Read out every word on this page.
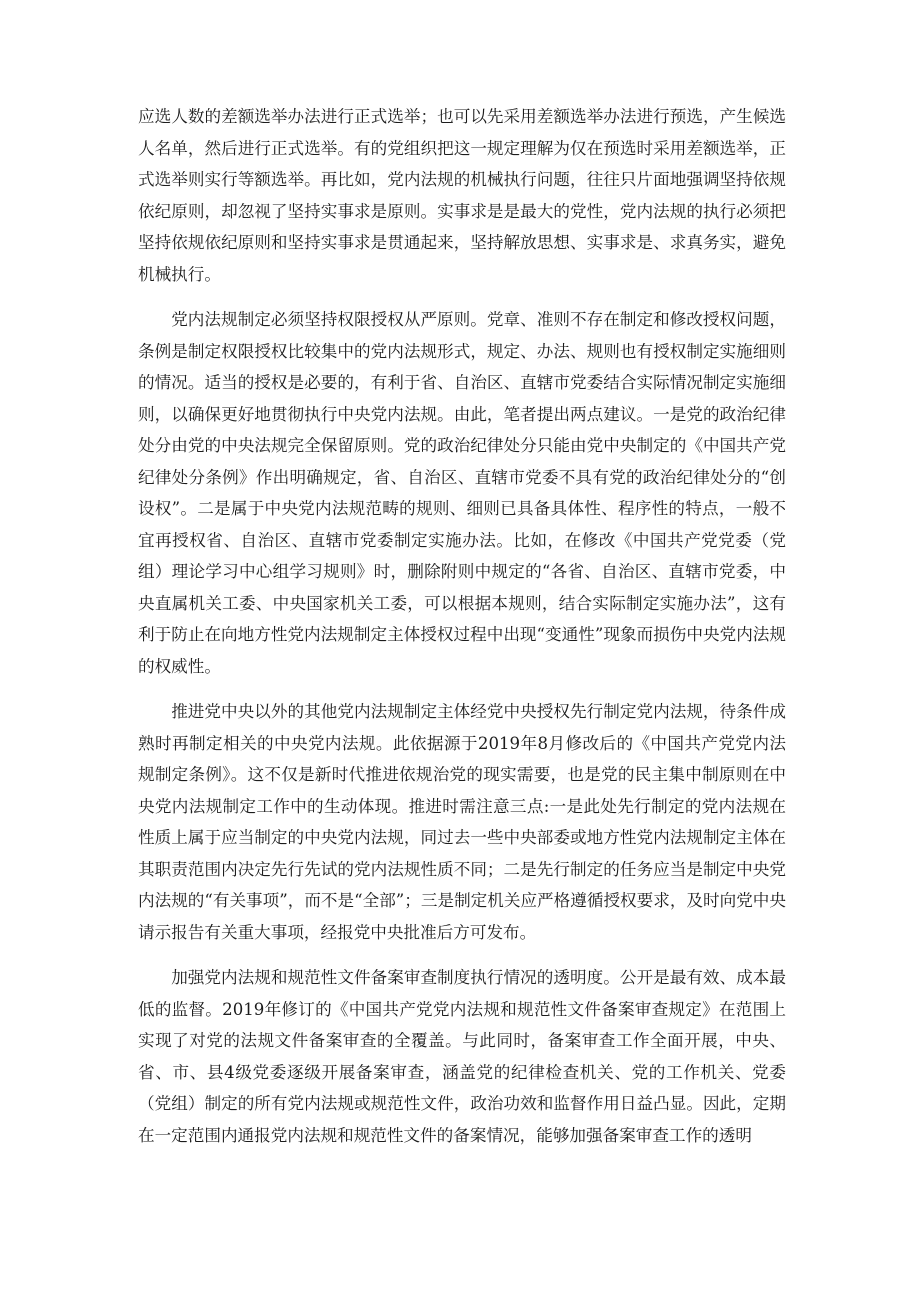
应选人数的差额选举办法进行正式选举；也可以先采用差额选举办法进行预选，产生候选人名单，然后进行正式选举。有的党组织把这一规定理解为仅在预选时采用差额选举，正式选举则实行等额选举。再比如，党内法规的机械执行问题，往往只片面地强调坚持依规依纪原则，却忽视了坚持实事求是原则。实事求是是最大的党性，党内法规的执行必须把坚持依规依纪原则和坚持实事求是贯通起来，坚持解放思想、实事求是、求真务实，避免机械执行。

党内法规制定必须坚持权限授权从严原则。党章、准则不存在制定和修改授权问题，条例是制定权限授权比较集中的党内法规形式，规定、办法、规则也有授权制定实施细则的情况。适当的授权是必要的，有利于省、自治区、直辖市党委结合实际情况制定实施细则，以确保更好地贯彻执行中央党内法规。由此，笔者提出两点建议。一是党的政治纪律处分由党的中央法规完全保留原则。党的政治纪律处分只能由党中央制定的《中国共产党纪律处分条例》作出明确规定，省、自治区、直辖市党委不具有党的政治纪律处分的“创设权”。二是属于中央党内法规范畴的规则、细则已具备具体性、程序性的特点，一般不宜再授权省、自治区、直辖市党委制定实施办法。比如，在修改《中国共产党党委（党组）理论学习中心组学习规则》时，删除附则中规定的“各省、自治区、直辖市党委，中央直属机关工委、中央国家机关工委，可以根据本规则，结合实际制定实施办法”，这有利于防止在向地方性党内法规制定主体授权过程中出现“变通性”现象而损伤中央党内法规的权威性。

推进党中央以外的其他党内法规制定主体经党中央授权先行制定党内法规，待条件成熟时再制定相关的中央党内法规。此依据源于2019年8月修改后的《中国共产党党内法规制定条例》。这不仅是新时代推进依规治党的现实需要，也是党的民主集中制原则在中央党内法规制定工作中的生动体现。推进时需注意三点:一是此处先行制定的党内法规在性质上属于应当制定的中央党内法规，同过去一些中央部委或地方性党内法规制定主体在其职责范围内决定先行先试的党内法规性质不同；二是先行制定的任务应当是制定中央党内法规的“有关事项”，而不是“全部”；三是制定机关应严格遵循授权要求，及时向党中央请示报告有关重大事项，经报党中央批准后方可发布。

加强党内法规和规范性文件备案审查制度执行情况的透明度。公开是最有效、成本最低的监督。2019年修订的《中国共产党党内法规和规范性文件备案审查规定》在范围上实现了对党的法规文件备案审查的全覆盖。与此同时，备案审查工作全面开展，中央、省、市、县4级党委逐级开展备案审查，涵盖党的纪律检查机关、党的工作机关、党委（党组）制定的所有党内法规或规范性文件，政治功效和监督作用日益凸显。因此，定期在一定范围内通报党内法规和规范性文件的备案情况，能够加强备案审查工作的透明
